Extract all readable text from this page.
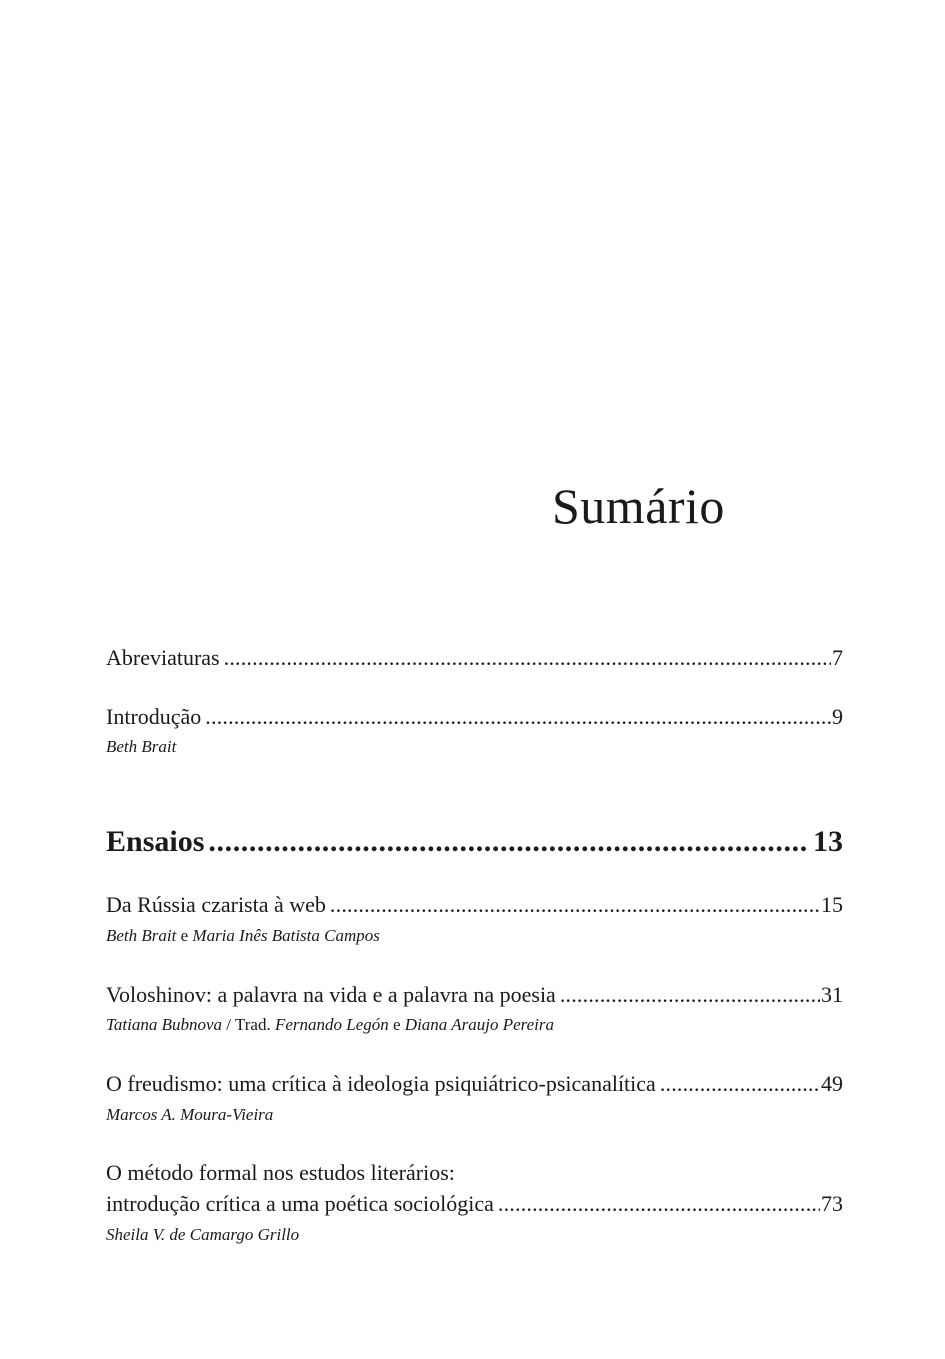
Sumário
Abreviaturas .....	7
Introdução .....	9
Beth Brait
Ensaios .....	13
Da Rússia czarista à web .....	15
Beth Brait e Maria Inês Batista Campos
Voloshinov: a palavra na vida e a palavra na poesia .....	31
Tatiana Bubnova / Trad. Fernando Legón e Diana Araujo Pereira
O freudismo: uma crítica à ideologia psiquiátrico-psicanalítica .....	49
Marcos A. Moura-Vieira
O método formal nos estudos literários:
introdução crítica a uma poética sociológica .....	73
Sheila V. de Camargo Grillo
